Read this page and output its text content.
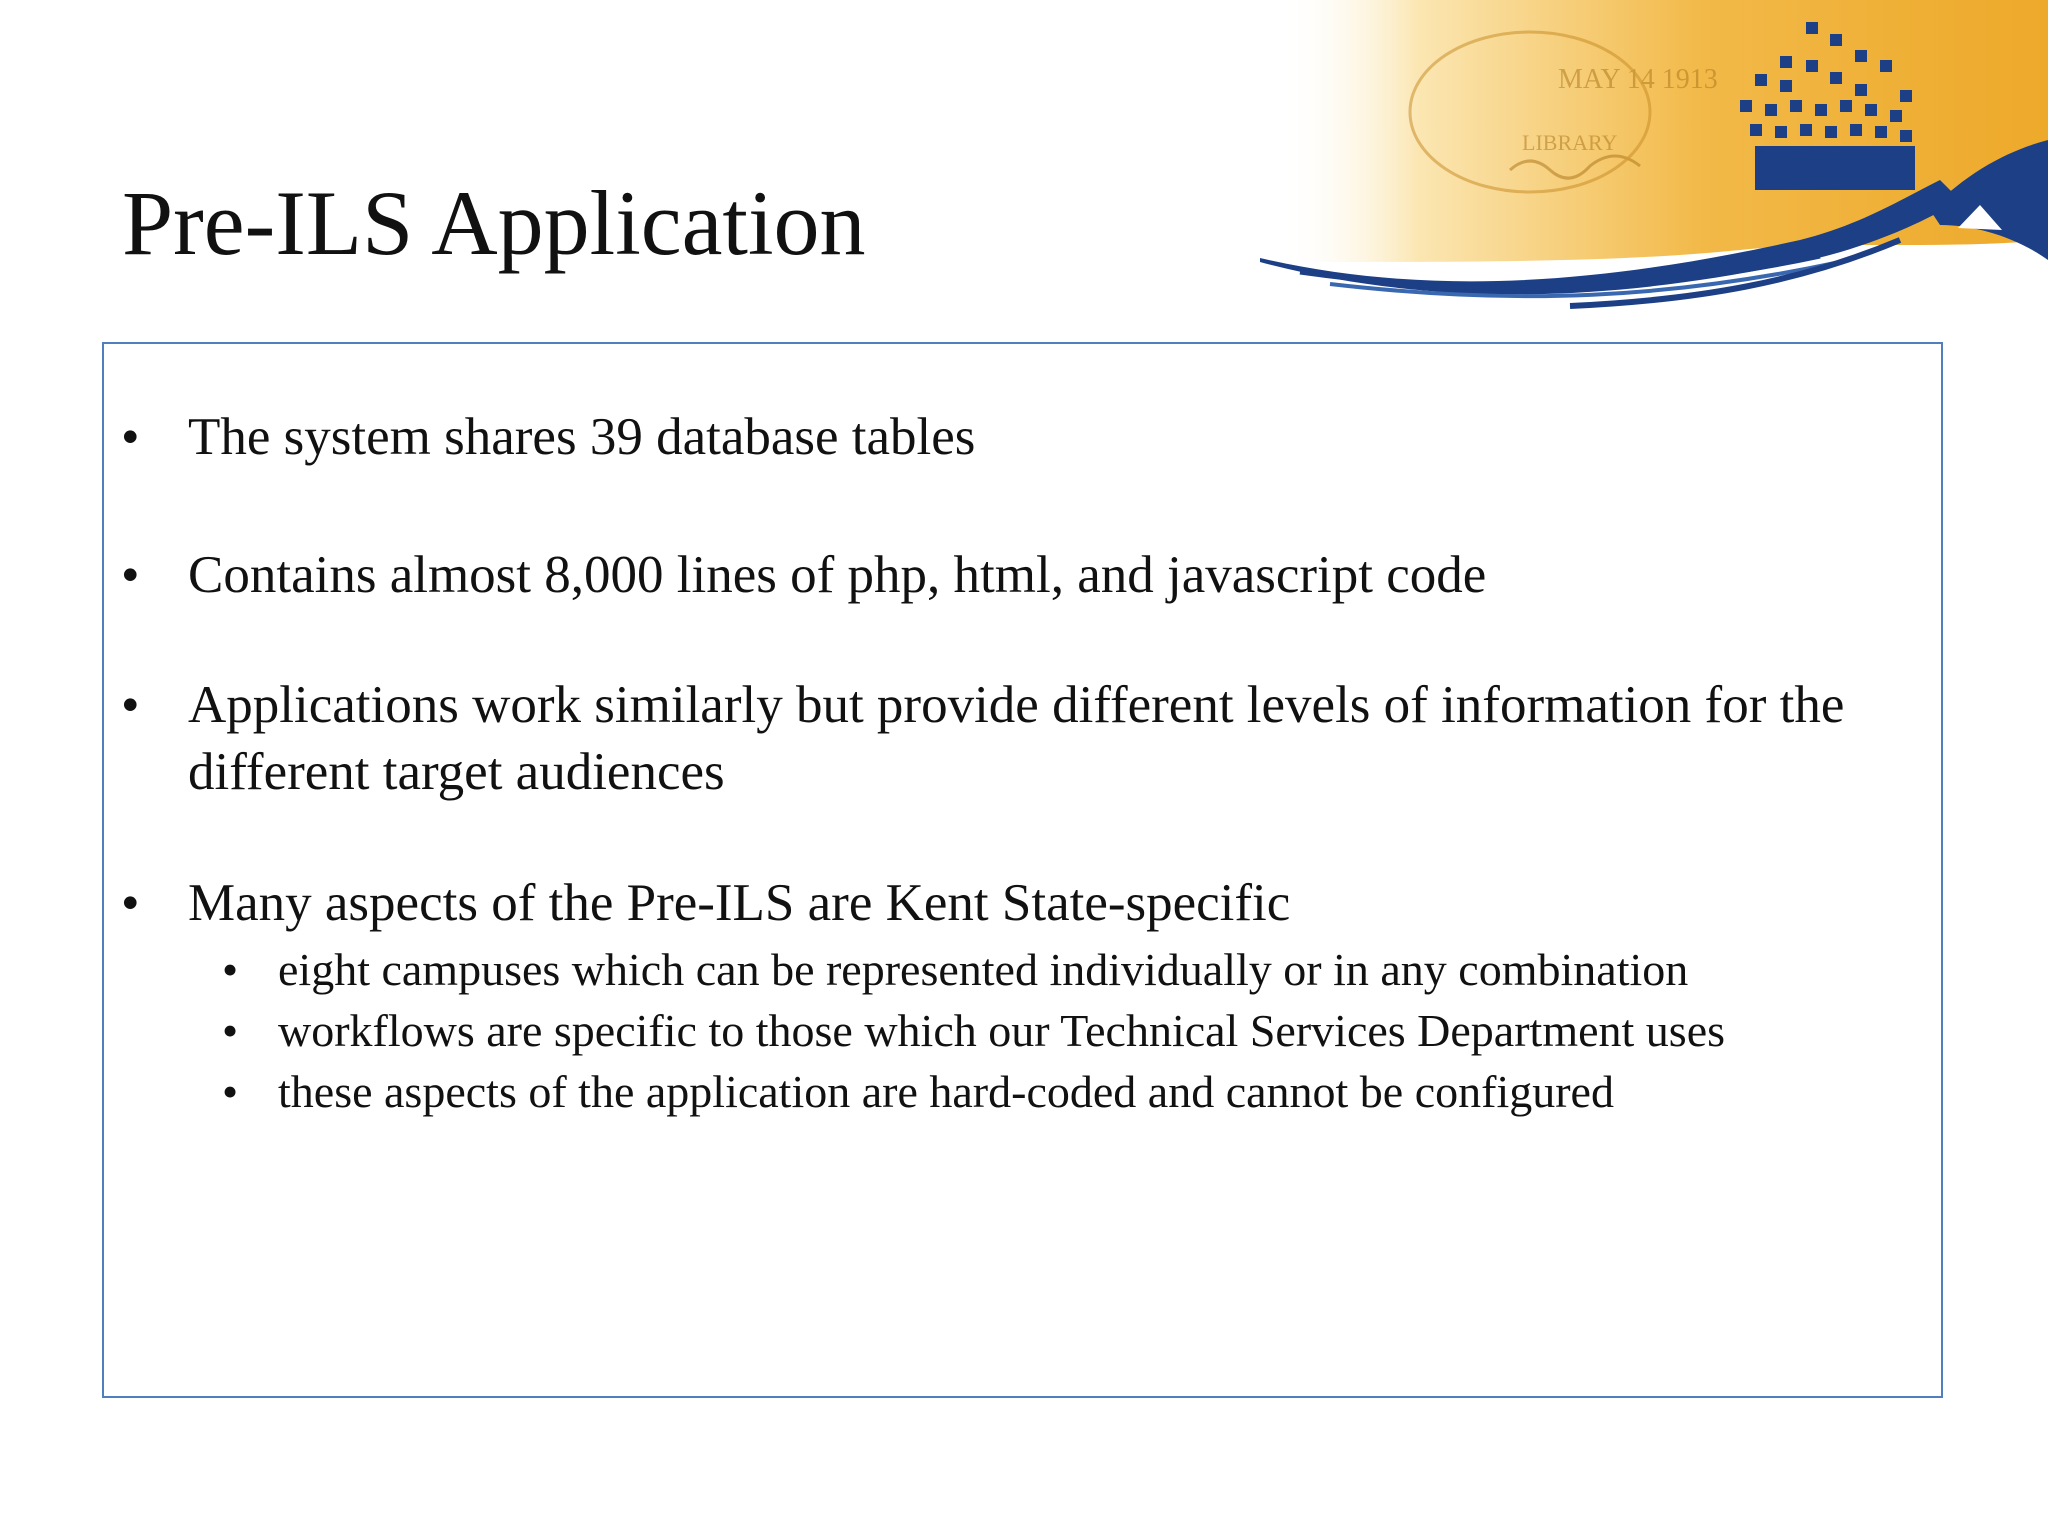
MAY 14 1913
LIBRARY
Pre-ILS Application
• The system shares 39 database tables
• Contains almost 8,000 lines of php, html, and javascript code
• Applications work similarly but provide different levels of information for the different target audiences
• Many aspects of the Pre-ILS are Kent State-specific
• eight campuses which can be represented individually or in any combination
• workflows are specific to those which our Technical Services Department uses
• these aspects of the application are hard-coded and cannot be configured
